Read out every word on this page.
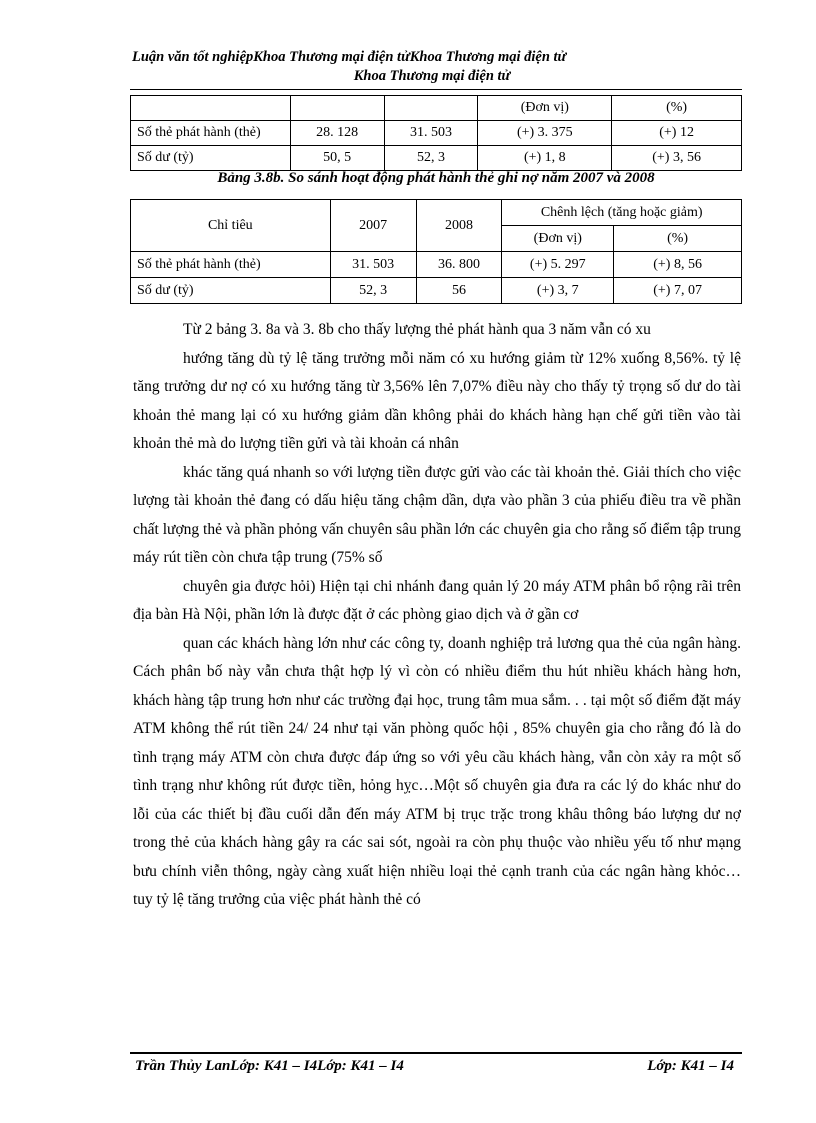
Luận văn tốt nghiệpKhoa Thương mại điện tửKhoa Thương mại điện tử
Khoa Thương mại điện tử
			(Đơn vị)	(%)
Số thẻ phát hành (thẻ)	28. 128	31. 503	(+) 3. 375	(+) 12
Số dư (tỷ)	50, 5	52, 3	(+) 1, 8	(+) 3, 56
Bảng 3.8b. So sánh hoạt động phát hành thẻ ghi nợ năm 2007 và 2008
Chỉ tiêu	2007	2008	Chênh lệch (tăng hoặc giảm)	
			(Đơn vị)	(%)
Số thẻ phát hành (thẻ)	31. 503	36. 800	(+) 5. 297	(+) 8, 56
Số dư (tỷ)	52, 3	56	(+) 3, 7	(+) 7, 07

Từ 2 bảng 3. 8a và 3. 8b cho thấy lượng thẻ phát hành qua 3 năm vẫn có xu

hướng tăng dù tỷ lệ tăng trưởng mỗi năm có xu hướng giảm từ 12% xuống 8,56%. tỷ lệ tăng trưởng dư nợ có xu hướng tăng từ 3,56% lên 7,07% điều này cho thấy tỷ trọng số dư do tài khoản thẻ mang lại có xu hướng giảm dần không phải do khách hàng hạn chế gửi tiền vào tài khoản thẻ mà do lượng tiền gửi và tài khoản cá nhân

khác tăng quá nhanh so với lượng tiền được gửi vào các tài khoản thẻ. Giải thích cho việc lượng tài khoản thẻ đang có dấu hiệu tăng chậm dần, dựa vào phần 3 của phiếu điều tra về phần chất lượng thẻ và phần phỏng vấn chuyên sâu phần lớn các chuyên gia cho rằng số điểm tập trung máy rút tiền còn chưa tập trung (75% số

chuyên gia được hỏi) Hiện tại chi nhánh đang quản lý 20 máy ATM phân bổ rộng rãi trên địa bàn Hà Nội, phần lớn là được đặt ở các phòng giao dịch và ở gần cơ

quan các khách hàng lớn như các công ty, doanh nghiệp trả lương qua thẻ của ngân hàng. Cách phân bố này vẫn chưa thật hợp lý vì còn có nhiều điểm thu hút nhiều khách hàng hơn, khách hàng tập trung hơn như các trường đại học, trung tâm mua sắm. . . tại một số điểm đặt máy ATM không thể rút tiền 24/ 24 như tại văn phòng quốc hội , 85% chuyên gia cho rằng đó là do tình trạng máy ATM còn chưa được đáp ứng so với yêu cầu khách hàng, vẫn còn xảy ra một số tình trạng như không rút được tiền, hỏng hỵc…Một số chuyên gia đưa ra các lý do khác như do lỗi của các thiết bị đầu cuối dẫn đến máy ATM bị trục trặc trong khâu thông báo lượng dư nợ trong thẻ của khách hàng gây ra các sai sót, ngoài ra còn phụ thuộc vào nhiều yếu tố như mạng bưu chính viễn thông, ngày càng xuất hiện nhiều loại thẻ cạnh tranh của các ngân hàng khỏc…tuy tỷ lệ tăng trưởng của việc phát hành thẻ có

Trần Thủy LanLớp: K41 – I4Lớp: K41 – I4	Lớp: K41 – I4
